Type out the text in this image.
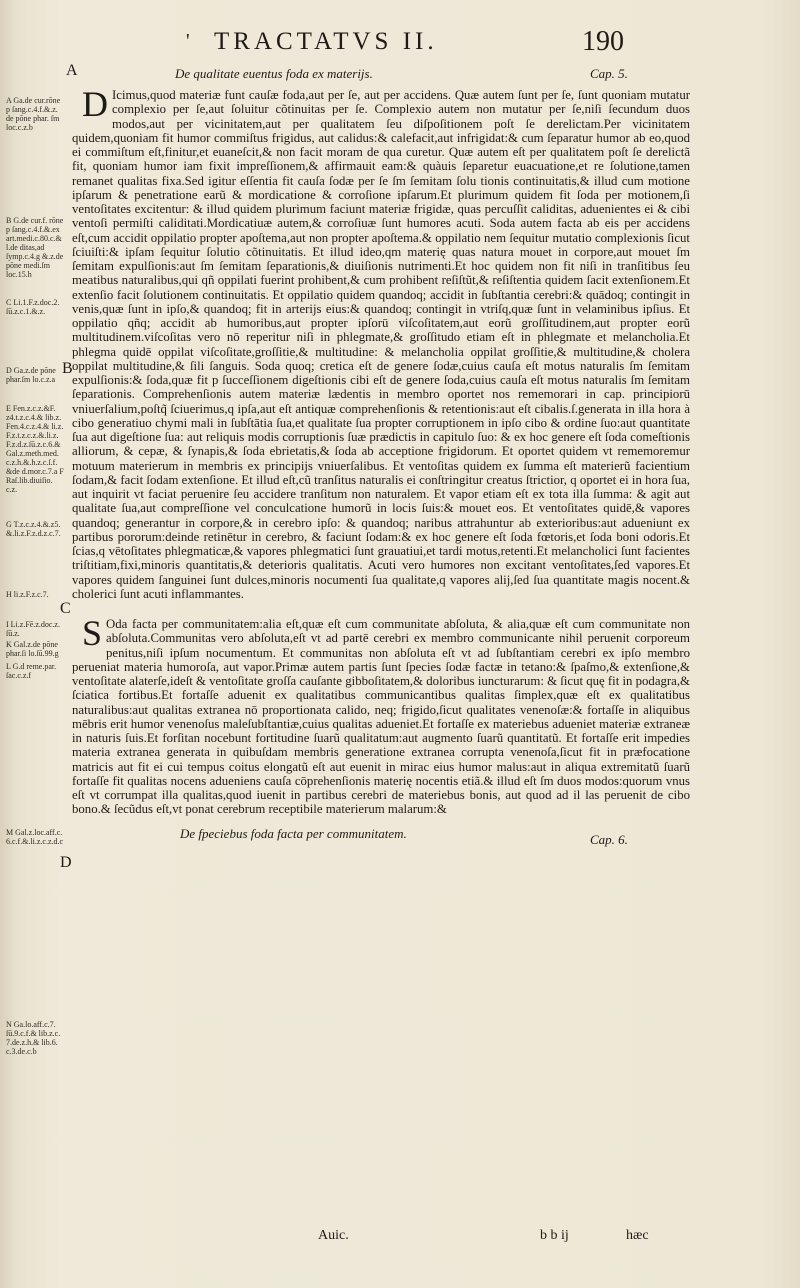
' TRACTATVS II.	190
A	De qualitate euentus foda ex materijs.	Cap. 5.
B
C
De fpeciebus foda facta per communitatem.	Cap. 6.
D

D Icimus,quod materiæ funt cauſæ foda,aut per ſe, aut per accidens. Quæ autem ſunt per ſe, ſunt quoniam mutatur complexio per ſe,aut ſoluitur cõtinuitas per ſe. Complexio autem non mutatur per ſe,niſi ſecundum duos modos,aut per vicinitatem,aut per qualitatem ſeu diſpoſitionem poſt ſe derelictam.Per vicinitatem quidem,quoniam fit humor commiſtus frigidus, aut calidus:& calefacit,aut infrigidat:& cum ſeparatur humor ab eo,quod ei commiſtum eſt,finitur,et euaneſcit,& non facit moram de qua curetur. Quæ autem eſt per qualitatem poſt ſe derelictã fit, quoniam humor iam fixit impreſſionem,& affirmauit eam:& quàuis ſeparetur euacuatione,et re ſolutione,tamen remanet qualitas fixa.Sed igitur eſſentia fit cauſa ſodæ per ſe ſm ſemitam ſolu tionis continuitatis,& illud cum motione ipſarum & penetratione earũ & mordicatione & corroſione ipſarum.Et plurimum quidem fit ſoda per motionem,ſi ventoſitates excitentur: & illud quidem plurimum faciunt materiæ frigidæ, quas percuſſit caliditas, aduenientes ei & cibi ventoſi permiſti caliditati.Mordicatiuæ autem,& corroſiuæ ſunt humores acuti. Soda autem facta ab eis per accidens eſt,cum accidit oppilatio propter apoſtema,aut non propter apoſtema.& oppilatio nem ſequitur mutatio complexionis ſicut ſciuiſti:& ipſam ſequitur ſolutio cõtinuitatis. Et illud ideo,qm materię quas natura mouet in corpore,aut mouet ſm ſemitam expulſionis:aut ſm ſemitam ſeparationis,& diuiſionis nutrimenti.Et hoc quidem non fit niſi in tranſitibus ſeu meatibus naturalibus,qui qñ oppilati fuerint prohibent,& cum prohibent reſiſtũt,& reſiſtentia quidem ſacit extenſionem.Et extenſio facit ſolutionem continuitatis. Et oppilatio quidem quandoq; accidit in ſubſtantia cerebri:& quādoq; contingit in venis,quæ ſunt in ipſo,& quandoq; fit in arterijs eius:& quandoq; contingit in vtriſq,quæ ſunt in velaminibus ipſius. Et oppilatio qñq; accidit ab humoribus,aut propter ipſorū viſcoſitatem,aut eorũ groſſitudinem,aut propter eorũ multitudinem.viſcoſitas vero nō reperitur niſi in phlegmate,& groſſitudo etiam eſt in phlegmate et melancholia.Et phlegma quidē oppilat viſcoſitate,groſſitie,& multitudine: & melancholia oppilat groſſitie,& multitudine,& cholera oppilat multitudine,& ſili ſanguis. Soda quoq; cretica eſt de genere ſodæ,cuius cauſa eſt motus naturalis ſm ſemitam expulſionis:& ſoda,quæ fit p ſucceſſionem digeſtionis cibi eſt de genere ſoda,cuius cauſa eſt motus naturalis ſm ſemitam ſeparationis. Comprehenſionis autem materiæ lædentis in membro oportet nos rememorari in cap. principiorū vniuerſalium,poſtq̃ ſciuerimus,q ipſa,aut eſt antiquæ comprehenſionis & retentionis:aut eſt cibalis.ſ.generata in illa hora à cibo generatiuo chymi mali in ſubſtātia ſua,et qualitate ſua propter corruptionem in ipſo cibo & ordine ſuo:aut quantitate ſua aut digeſtione ſua: aut reliquis modis corruptionis ſuæ prædictis in capitulo ſuo: & ex hoc genere eſt ſoda comeſtionis alliorum, & cepæ, & ſynapis,& ſoda ebrietatis,& ſoda ab acceptione frigidorum. Et oportet quidem vt rememoremur motuum materierum in membris ex principijs vniuerſalibus. Et ventoſitas quidem ex ſumma eſt materierũ facientium ſodam,& facit ſodam extenſione. Et illud eſt,cũ tranſitus naturalis ei conſtringitur creatus ſtrictior, q oportet ei in hora ſua, aut inquirit vt faciat peruenire ſeu accidere tranſitum non naturalem. Et vapor etiam eſt ex tota illa ſumma: & agit aut qualitate ſua,aut compreſſione vel conculcatione humorũ in locis ſuis:& mouet eos. Et ventoſitates quidē,& vapores quandoq; generantur in corpore,& in cerebro ipſo: & quandoq; naribus attrahuntur ab exterioribus:aut adueniunt ex partibus pororum:deinde retinētur in cerebro, & faciunt ſodam:& ex hoc genere eſt ſoda fœtoris,et ſoda boni odoris.Et ſcias,q vētoſitates phlegmaticæ,& vapores phlegmatici ſunt grauatiui,et tardi motus,retenti.Et melancholici ſunt facientes triſtitiam,fixi,minoris quantitatis,& deterioris qualitatis. Acuti vero humores non excitant ventoſitates,ſed vapores.Et vapores quidem ſanguinei ſunt dulces,minoris nocumenti ſua qualitate,q vapores alij,ſed ſua quantitate magis nocent.& cholerici ſunt acuti inflammantes.

S Oda facta per communitatem:alia eſt,quæ eſt cum communitate abſoluta, & alia,quæ eſt cum communitate non abſoluta.Communitas vero abſoluta,eſt vt ad partē cerebri ex membro communicante nihil peruenit corporeum penitus,niſi ipſum nocumentum. Et communitas non abſoluta eſt vt ad ſubſtantiam cerebri ex ipſo membro perueniat materia humoroſa, aut vapor.Primæ autem partis ſunt ſpecies ſodæ factæ in tetano:& ſpaſmo,& extenſione,& ventoſitate alaterſe,ideſt & ventoſitate groſſa cauſante gibboſitatem,& doloribus iuncturarum: & ſicut quę fit in podagra,& ſciatica fortibus.Et fortaſſe aduenit ex qualitatibus communicantibus qualitas ſimplex,quæ eſt ex qualitatibus naturalibus:aut qualitas extranea nō proportionata calido, neq; frigido,ſicut qualitates venenoſæ:& fortaſſe in aliquibus mēbris erit humor venenoſus maleſubſtantiæ,cuius qualitas adueniet.Et fortaſſe ex materiebus adueniet materiæ extraneæ in naturis ſuis.Et forſitan nocebunt fortitudine ſuarũ qualitatum:aut augmento ſuarũ quantitatũ. Et fortaſſe erit impedies materia extranea generata in quibuſdam membris generatione extranea corrupta venenoſa,ſicut fit in præfocatione matricis aut fit ei cui tempus coitus elongatũ eſt aut euenit in mirac eius humor malus:aut in aliqua extremitatũ ſuarũ fortaſſe fit qualitas nocens adueniens cauſa cōprehenſionis materię nocentis etiã.& illud eſt ſm duos modos:quorum vnus eſt vt corrumpat illa qualitas,quod iuenit in partibus cerebri de materiebus bonis, aut quod ad il las peruenit de cibo bono.& ſecũdus eſt,vt ponat cerebrum receptibile materierum malarum:&

A Ga.de cur.rōne p ſang.c.4.f.&.z. de pōne phar. ſm loc.c.z.b
B G.de cur.f. rōne p ſang.c.4.f.&.ex art.medi.c.80.c.& l.de ditas,ad ſymp.c.4.g &.z.de pōne medi.ſm loc.15.h
C Li.1.F.z.doc.2. ſū.z.c.1.&.z.
D Ga.z.de pōne phar.ſm lo.c.z.a
E Fen.z.c.z.&F. z4.t.z.c.4.& lib.z. Fen.4.c.z.4.& li.z. F.z.t.z.c.z.&.li.z. F.z.d.z.ſū.z.c.6.& Gal.z.meth.med. c.z.h.&.h.z.c.ſ.f. &de d.mor.c.7.a F Raſ.lib.diuiſio. c.z.
G T.z.c.z.4.&.z5. &.li.z.F.z.d.z.c.7.
H li.z.F.z.c.7.
I Li.z.Fē.z.doc.z. ſū.z.
K Gal.z.de pōne phar.ſi lo.ſū.99.g
L G.d reme.par. ſac.c.z.f
M Gal.z.loc.aff.c. 6.c.f.&.li.z.c.z.d.c
N Ga.lo.aff.c.7. ſū.9.c.f.& lib.z.c. 7.de.z.h.& lib.6. c.3.de.c.b
Auic.	b b ij	hæc
